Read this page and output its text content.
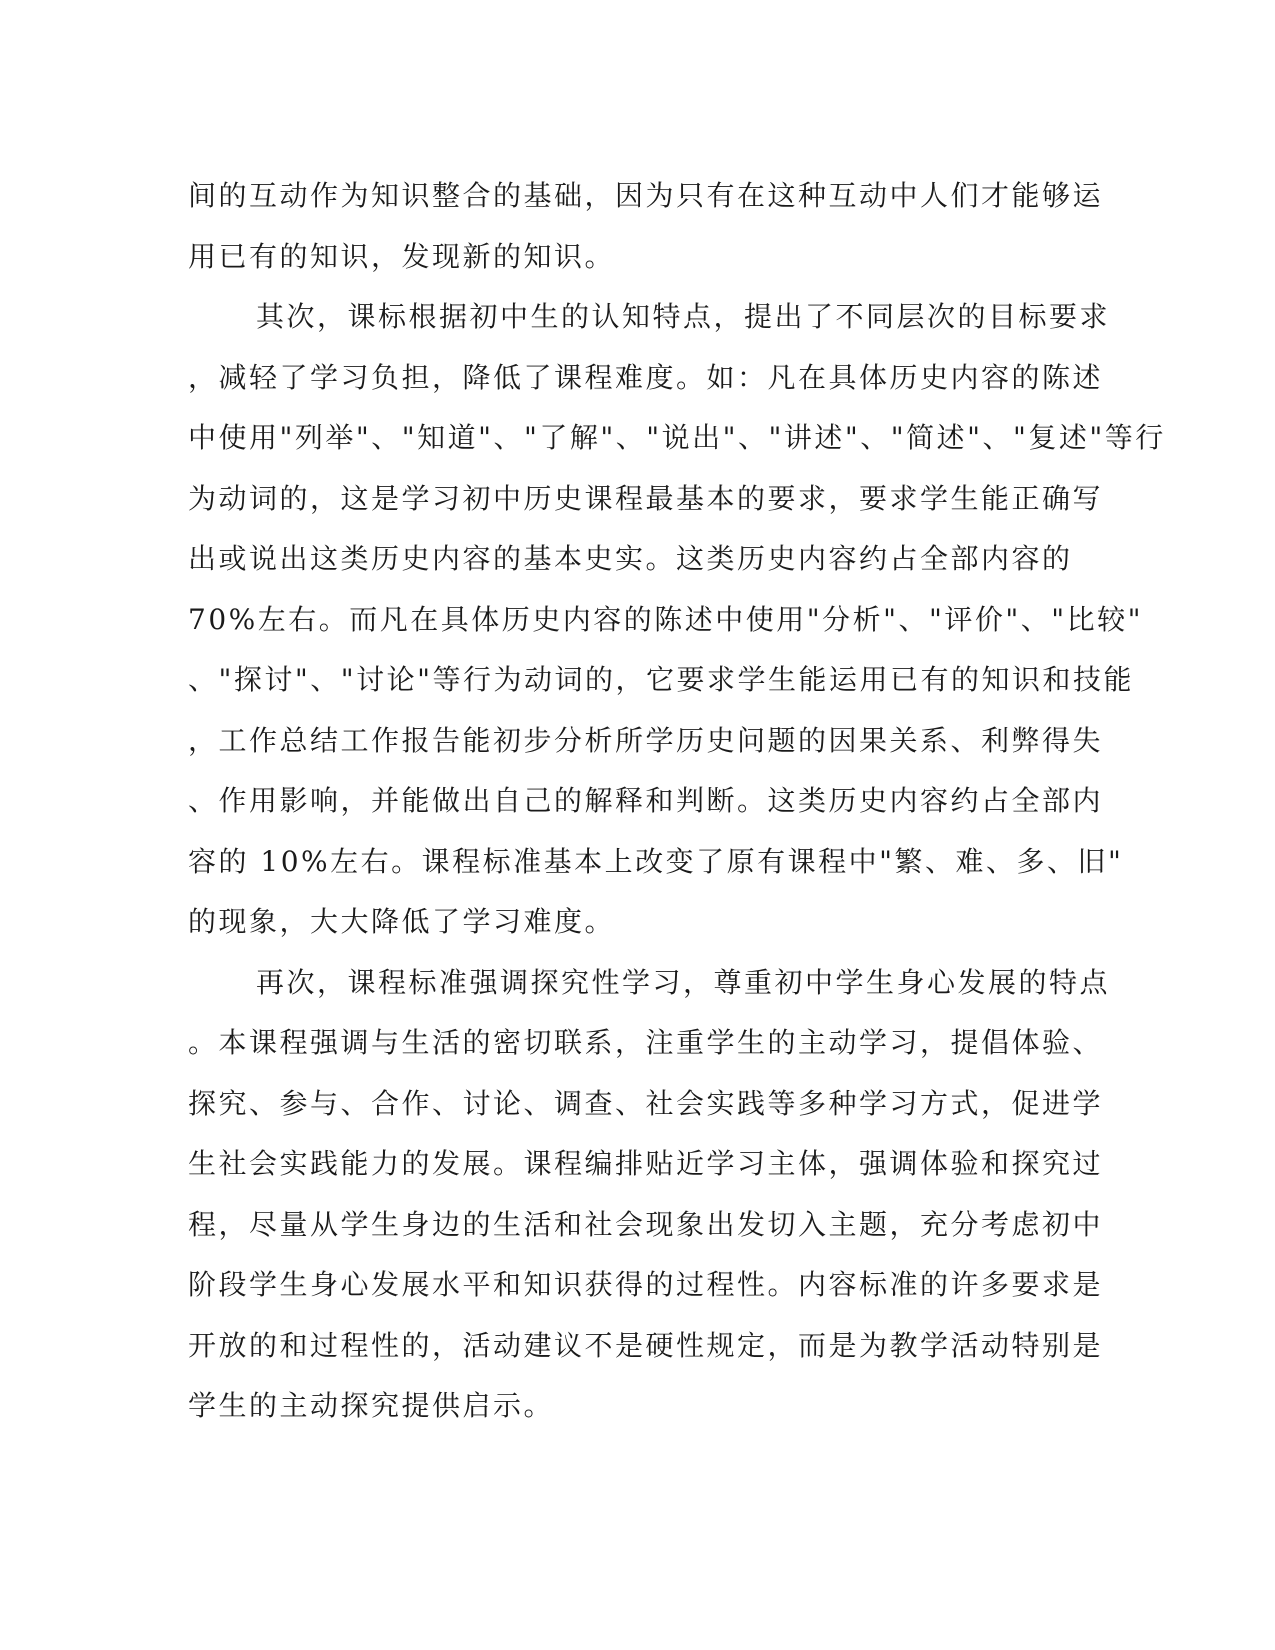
间的互动作为知识整合的基础，因为只有在这种互动中人们才能够运
用已有的知识，发现新的知识。
其次，课标根据初中生的认知特点，提出了不同层次的目标要求
，减轻了学习负担，降低了课程难度。如：凡在具体历史内容的陈述
中使用"列举"、"知道"、"了解"、"说出"、"讲述"、"简述"、"复述"等行
为动词的，这是学习初中历史课程最基本的要求，要求学生能正确写
出或说出这类历史内容的基本史实。这类历史内容约占全部内容的
70%左右。而凡在具体历史内容的陈述中使用"分析"、"评价"、"比较"
、"探讨"、"讨论"等行为动词的，它要求学生能运用已有的知识和技能
，工作总结工作报告能初步分析所学历史问题的因果关系、利弊得失
、作用影响，并能做出自己的解释和判断。这类历史内容约占全部内
容的 10%左右。课程标准基本上改变了原有课程中"繁、难、多、旧"
的现象，大大降低了学习难度。
再次，课程标准强调探究性学习，尊重初中学生身心发展的特点
。本课程强调与生活的密切联系，注重学生的主动学习，提倡体验、
探究、参与、合作、讨论、调查、社会实践等多种学习方式，促进学
生社会实践能力的发展。课程编排贴近学习主体，强调体验和探究过
程，尽量从学生身边的生活和社会现象出发切入主题，充分考虑初中
阶段学生身心发展水平和知识获得的过程性。内容标准的许多要求是
开放的和过程性的，活动建议不是硬性规定，而是为教学活动特别是
学生的主动探究提供启示。
